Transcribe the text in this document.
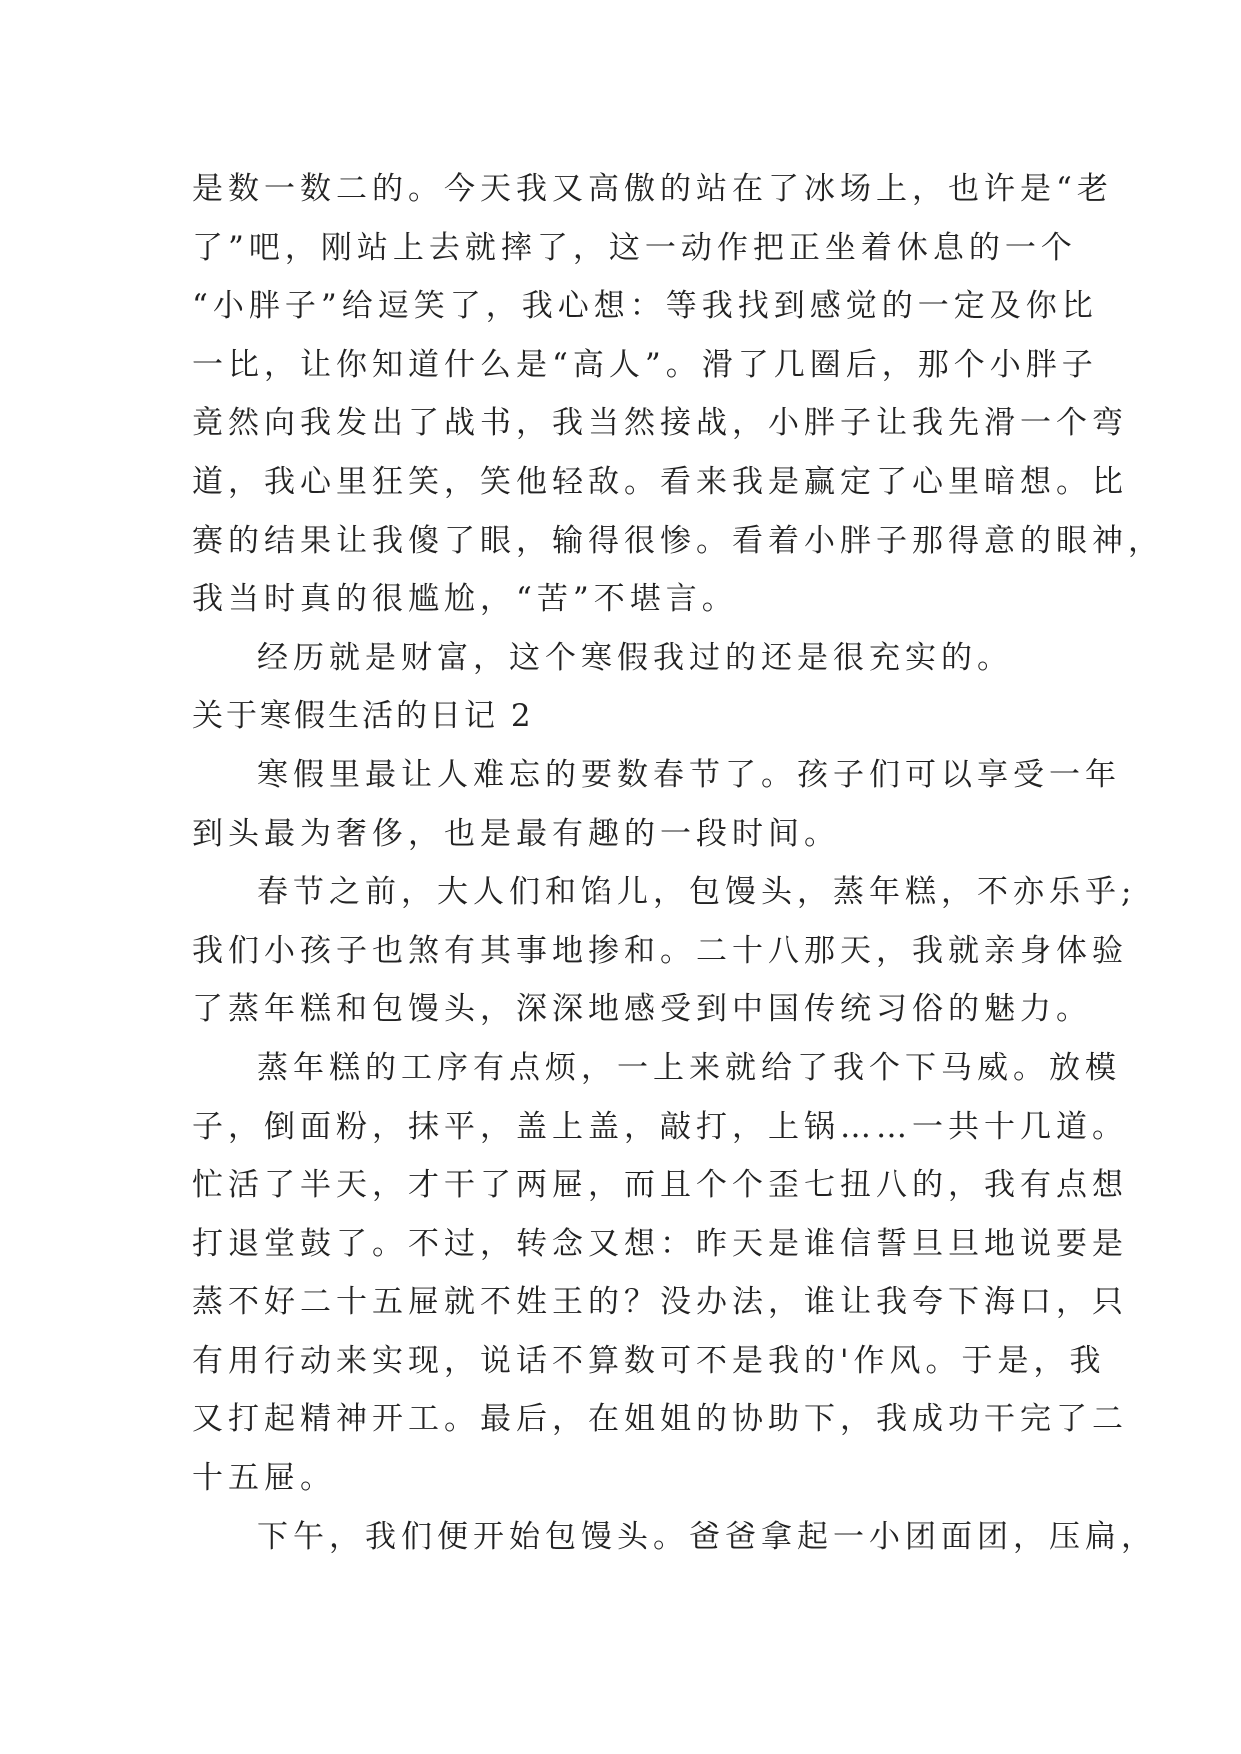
是数一数二的。今天我又高傲的站在了冰场上，也许是“老
了”吧，刚站上去就摔了，这一动作把正坐着休息的一个
“小胖子”给逗笑了，我心想：等我找到感觉的一定及你比
一比，让你知道什么是“高人”。滑了几圈后，那个小胖子
竟然向我发出了战书，我当然接战，小胖子让我先滑一个弯
道，我心里狂笑，笑他轻敌。看来我是赢定了心里暗想。比
赛的结果让我傻了眼，输得很惨。看着小胖子那得意的眼神，
我当时真的很尴尬，“苦”不堪言。
经历就是财富，这个寒假我过的还是很充实的。
关于寒假生活的日记 2
寒假里最让人难忘的要数春节了。孩子们可以享受一年
到头最为奢侈，也是最有趣的一段时间。
春节之前，大人们和馅儿，包馒头，蒸年糕，不亦乐乎;
我们小孩子也煞有其事地掺和。二十八那天，我就亲身体验
了蒸年糕和包馒头，深深地感受到中国传统习俗的魅力。
蒸年糕的工序有点烦，一上来就给了我个下马威。放模
子，倒面粉，抹平，盖上盖，敲打，上锅……一共十几道。
忙活了半天，才干了两屉，而且个个歪七扭八的，我有点想
打退堂鼓了。不过，转念又想：昨天是谁信誓旦旦地说要是
蒸不好二十五屉就不姓王的？没办法，谁让我夸下海口，只
有用行动来实现，说话不算数可不是我的'作风。于是，我
又打起精神开工。最后，在姐姐的协助下，我成功干完了二
十五屉。
下午，我们便开始包馒头。爸爸拿起一小团面团，压扁，
